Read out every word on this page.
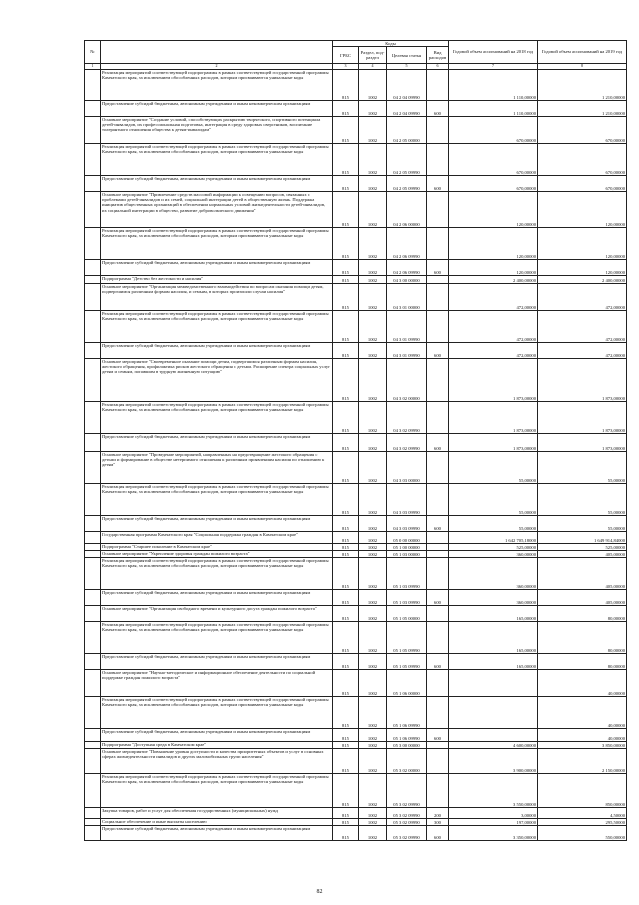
№		Коды				Годовой объем ассигнований на 2018 год	Годовой объем ассигнований на 2019 год
		ГРБС	Раздел, под-раздел	Целевая статья	Вид расходов		
1	2	3	4	5	6	7	8
	Реализация мероприятий соответствующей подпрограммы в рамках соответствующей государственной программы Камчатского края, за исключением обособленных расходов, которым присваиваются уникальные коды	815	1002	04 2 04 09990		1 110,00000	1 210,00000
	Предоставление субсидий бюджетным, автономным учреждениям и иным некоммерческим организациям	815	1002	04 2 04 09990	600	1 110,00000	1 210,00000
	Основное мероприятие "Создание условий, способствующих раскрытию творческого, спортивного потенциала детей-инвалидов, их профессиональная подготовка, интеграция в среду здоровых сверстников, воспитание толерантного отношения общества к детям-инвалидам"	815	1002	04 2 05 00000		670,00000	670,00000
	Реализация мероприятий соответствующей подпрограммы в рамках соответствующей государственной программы Камчатского края, за исключением обособленных расходов, которым присваиваются уникальные коды	815	1002	04 2 05 09990		670,00000	670,00000
	Предоставление субсидий бюджетным, автономным учреждениям и иным некоммерческим организациям	815	1002	04 2 05 09990	600	670,00000	670,00000
	Основное мероприятие "Привлечение средств массовой информации к освещению вопросов, связанных с проблемами детей-инвалидов и их семей, социальной интеграции детей в общественную жизнь. Поддержка инициатив общественных организаций в обеспечении нормальных условий жизнедеятельности детей-инвалидов, их социальной интеграции в общество, развитие добровольческого движения"	815	1002	04 2 06 00000		120,00000	120,00000
	Реализация мероприятий соответствующей подпрограммы в рамках соответствующей государственной программы Камчатского края, за исключением обособленных расходов, которым присваиваются уникальные коды	815	1002	04 2 06 09990		120,00000	120,00000
	Предоставление субсидий бюджетным, автономным учреждениям и иным некоммерческим организациям	815	1002	04 2 06 09990	600	120,00000	120,00000
	Подпрограмма "Детство без жестокости и насилия"	815	1002	04 3 00 00000		2 400,00000	2 400,00000
	Основное мероприятие "Организация межведомственного взаимодействия по вопросам оказания помощи детям, подвергшимся различным формам насилия, и семьям, в которых произошли случаи насилия"	815	1002	04 3 01 00000		472,00000	472,00000
	Реализация мероприятий соответствующей подпрограммы в рамках соответствующей государственной программы Камчатского края, за исключением обособленных расходов, которым присваиваются уникальные коды	815	1002	04 3 01 09990		472,00000	472,00000
	Предоставление субсидий бюджетным, автономным учреждениям и иным некоммерческим организациям	815	1002	04 3 01 09990	600	472,00000	472,00000
	Основное мероприятие "Своевременное оказание помощи детям, подвергшимся различным формам насилия, жестокого обращения, профилактика рисков жестокого обращения с детьми. Расширение спектра социальных услуг детям и семьям, попавшим в трудную жизненную ситуацию"	815	1002	04 3 02 00000		1 873,00000	1 873,00000
	Реализация мероприятий соответствующей подпрограммы в рамках соответствующей государственной программы Камчатского края, за исключением обособленных расходов, которым присваиваются уникальные коды	815	1002	04 3 02 09990		1 873,00000	1 873,00000
	Предоставление субсидий бюджетным, автономным учреждениям и иным некоммерческим организациям	815	1002	04 3 02 09990	600	1 873,00000	1 873,00000
	Основное мероприятие "Проведение мероприятий, направленных на предотвращение жестокого обращения с детьми и формирование в обществе нетерпимого отношения к различным проявлениям насилия по отношению к детям"	815	1002	04 3 03 00000		55,00000	55,00000
	Реализация мероприятий соответствующей подпрограммы в рамках соответствующей государственной программы Камчатского края, за исключением обособленных расходов, которым присваиваются уникальные коды	815	1002	04 3 03 09990		55,00000	55,00000
	Предоставление субсидий бюджетным, автономным учреждениям и иным некоммерческим организациям	815	1002	04 3 03 09990	600	55,00000	55,00000
	Государственная программа Камчатского края "Социальная поддержка граждан в Камчатском крае"	815	1002	05 0 00 00000		1 642 705,18000	1 649 914,84000
	Подпрограмма "Старшее поколение в Камчатском крае"	815	1002	05 1 00 00000		525,00000	525,00000
	Основное мероприятие "Укрепление здоровья граждан пожилого возраста"	815	1002	05 1 03 00000		360,00000	405,00000
	Реализация мероприятий соответствующей подпрограммы в рамках соответствующей государственной программы Камчатского края, за исключением обособленных расходов, которым присваиваются уникальные коды	815	1002	05 1 03 09990		360,00000	405,00000
	Предоставление субсидий бюджетным, автономным учреждениям и иным некоммерческим организациям	815	1002	05 1 03 09990	600	360,00000	405,00000
	Основное мероприятие "Организация свободного времени и культурного досуга граждан пожилого возраста"	815	1002	05 1 05 00000		165,00000	80,00000
	Реализация мероприятий соответствующей подпрограммы в рамках соответствующей государственной программы Камчатского края, за исключением обособленных расходов, которым присваиваются уникальные коды	815	1002	05 1 05 09990		165,00000	80,00000
	Предоставление субсидий бюджетным, автономным учреждениям и иным некоммерческим организациям	815	1002	05 1 05 09990	600	165,00000	80,00000
	Основное мероприятие "Научно-методическое и информационное обеспечение деятельности по социальной поддержке граждан пожилого возраста"	815	1002	05 1 06 00000			40,00000
	Реализация мероприятий соответствующей подпрограммы в рамках соответствующей государственной программы Камчатского края, за исключением обособленных расходов, которым присваиваются уникальные коды	815	1002	05 1 06 09990			40,00000
	Предоставление субсидий бюджетным, автономным учреждениям и иным некоммерческим организациям	815	1002	05 1 06 09990	600		40,00000
	Подпрограмма "Доступная среда в Камчатском крае"	815	1002	05 3 00 00000		4 600,00000	3 850,00000
	Основное мероприятие "Повышение уровня доступности и качества приоритетных объектов и услуг в основных сферах жизнедеятельности инвалидов и других маломобильных групп населения"	815	1002	05 3 02 00000		3 900,00000	2 150,00000
	Реализация мероприятий соответствующей подпрограммы в рамках соответствующей государственной программы Камчатского края, за исключением обособленных расходов, которым присваиваются уникальные коды	815	1002	05 3 02 09990		3 550,00000	850,00000
	Закупка товаров, работ и услуг для обеспечения государственных (муниципальных) нужд	815	1002	05 3 02 09990	200	3,00000	4,50000
	Социальное обеспечение и иные выплаты населению	815	1002	05 3 02 09990	300	197,00000	295,50000
	Предоставление субсидий бюджетным, автономным учреждениям и иным некоммерческим организациям	815	1002	05 3 02 09990	600	3 350,00000	550,00000
82
